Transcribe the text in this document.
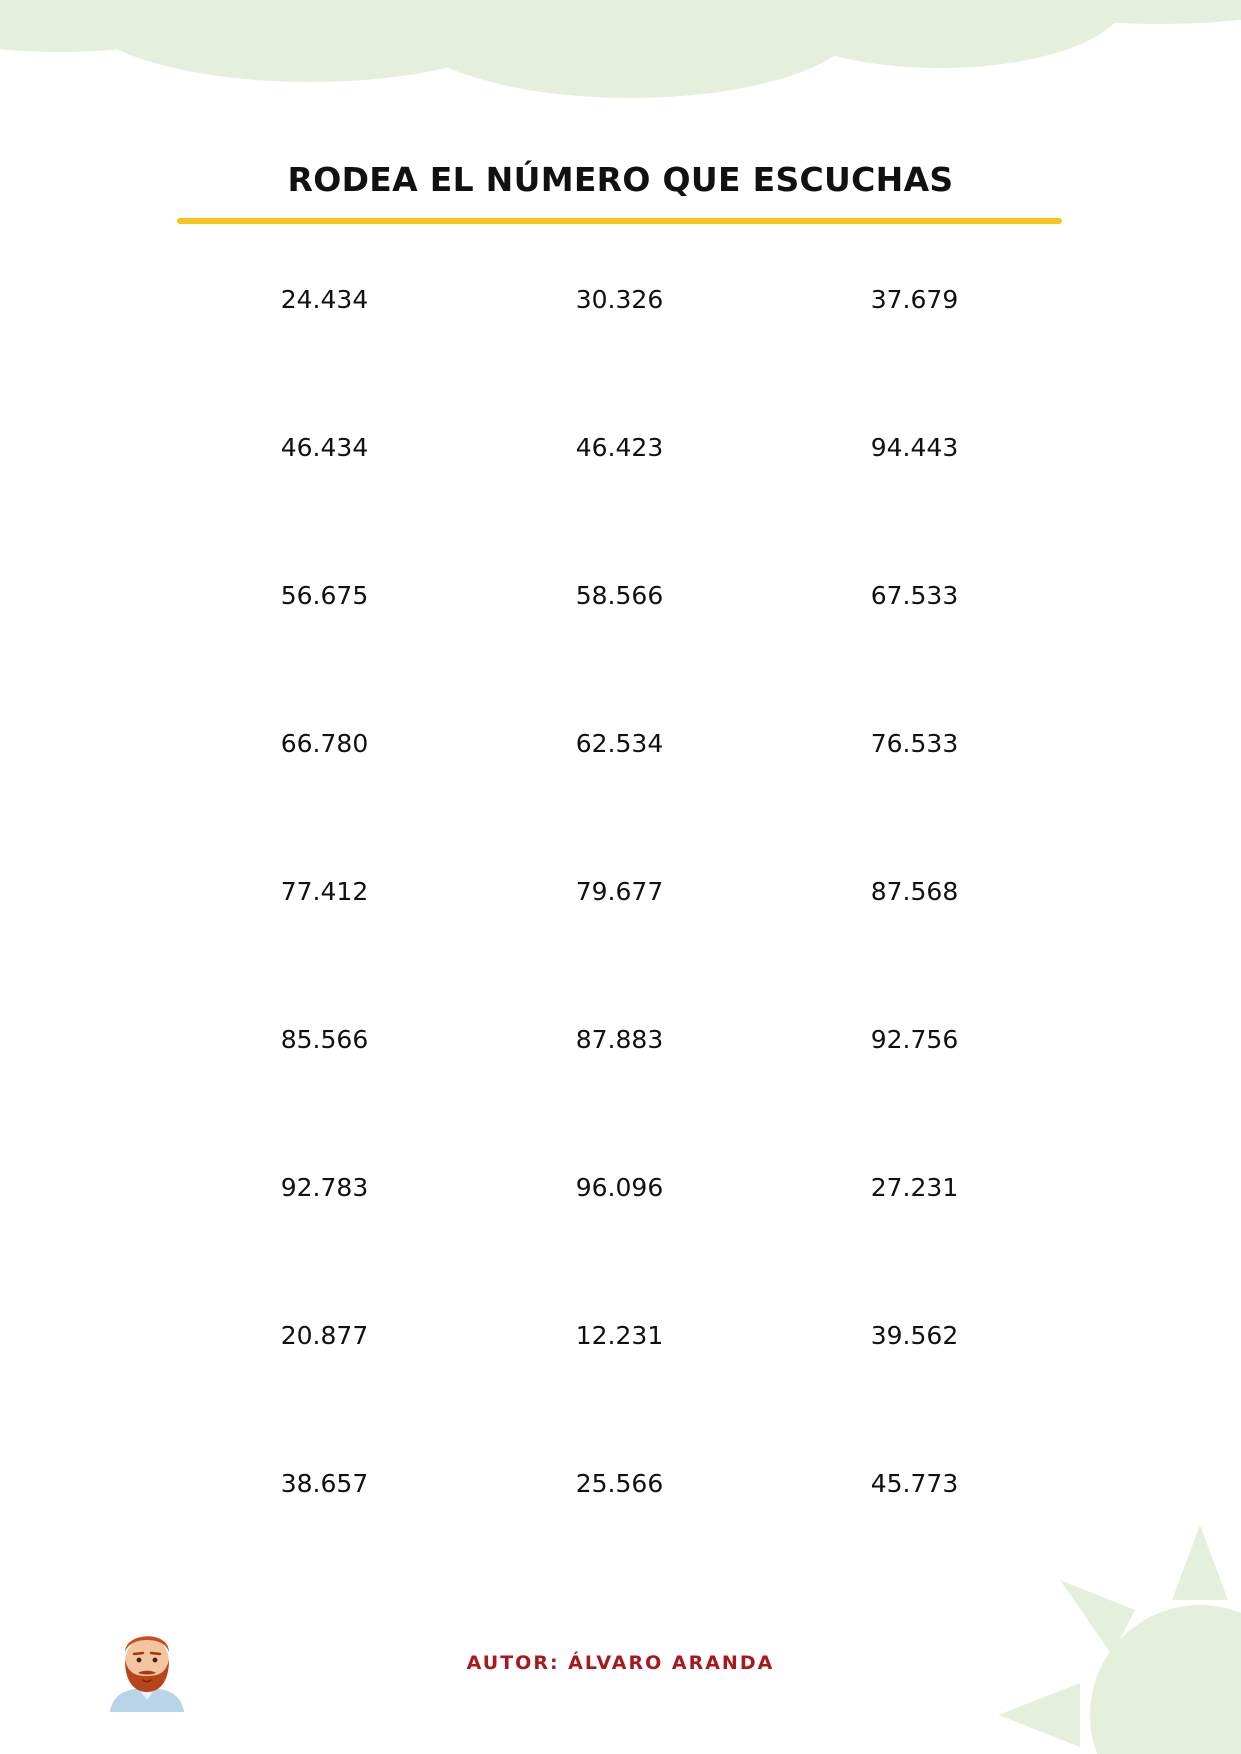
RODEA EL NÚMERO QUE ESCUCHAS
24.434	30.326	37.679
46.434	46.423	94.443
56.675	58.566	67.533
66.780	62.534	76.533
77.412	79.677	87.568
85.566	87.883	92.756
92.783	96.096	27.231
20.877	12.231	39.562
38.657	25.566	45.773
AUTOR: ÁLVARO ARANDA
